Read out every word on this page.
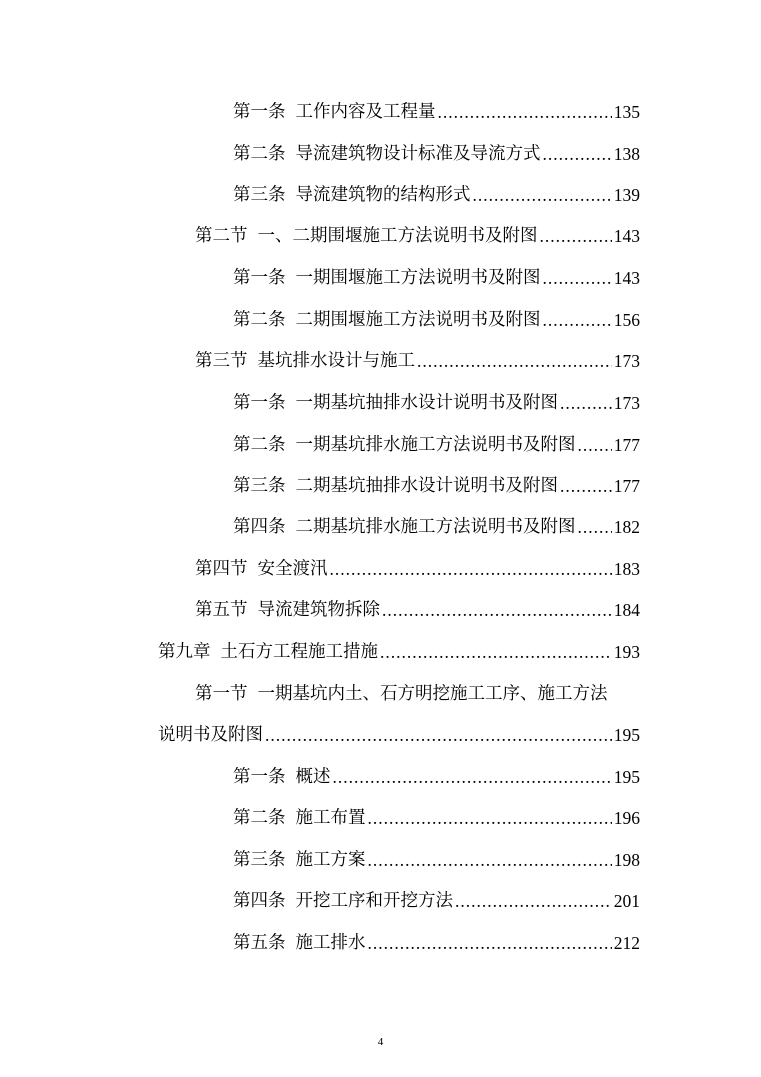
第一条 工作内容及工程量 .....	135
第二条 导流建筑物设计标准及导流方式 .....	138
第三条 导流建筑物的结构形式 .....	139
第二节 一、二期围堰施工方法说明书及附图 .....	143
第一条 一期围堰施工方法说明书及附图 .....	143
第二条 二期围堰施工方法说明书及附图 .....	156
第三节 基坑排水设计与施工 .....	173
第一条 一期基坑抽排水设计说明书及附图 .....	173
第二条 一期基坑排水施工方法说明书及附图 ..... 177
第三条 二期基坑抽排水设计说明书及附图 .....	177
第四条 二期基坑排水施工方法说明书及附图 ..... 182
第四节 安全渡汛 .....	183
第五节 导流建筑物拆除 .....	184
第九章 土石方工程施工措施 .....	193
第一节 一期基坑内土、石方明挖施工工序、施工方法
说明书及附图 .....	195
第一条 概述 .....	195
第二条 施工布置 .....	196
第三条 施工方案 .....	198
第四条 开挖工序和开挖方法 .....	201
第五条 施工排水 .....	212
4
